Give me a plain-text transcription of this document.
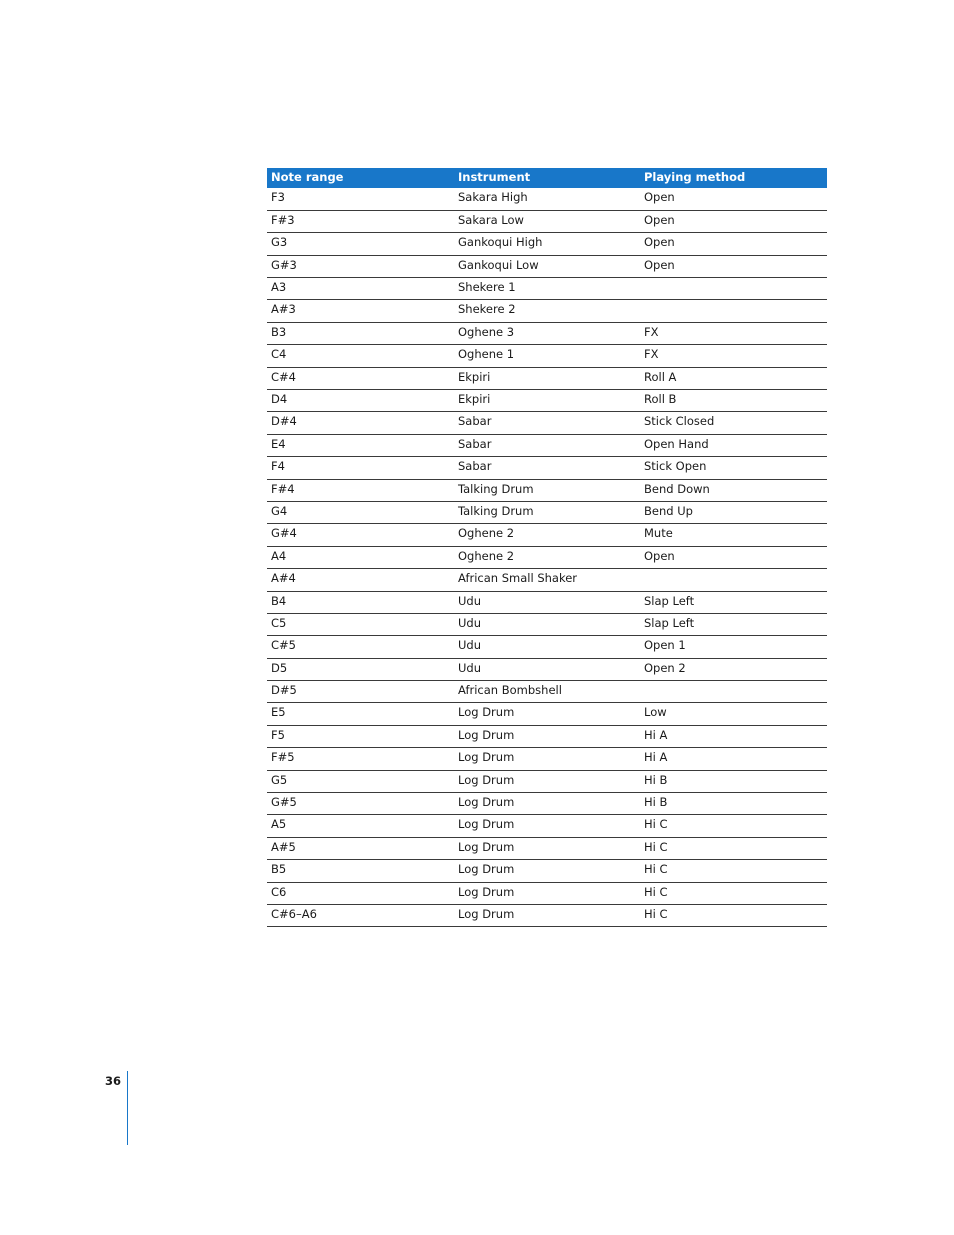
Note range	Instrument	Playing method
F3	Sakara High	Open
F#3	Sakara Low	Open
G3	Gankoqui High	Open
G#3	Gankoqui Low	Open
A3	Shekere 1	
A#3	Shekere 2	
B3	Oghene 3	FX
C4	Oghene 1	FX
C#4	Ekpiri	Roll A
D4	Ekpiri	Roll B
D#4	Sabar	Stick Closed
E4	Sabar	Open Hand
F4	Sabar	Stick Open
F#4	Talking Drum	Bend Down
G4	Talking Drum	Bend Up
G#4	Oghene 2	Mute
A4	Oghene 2	Open
A#4	African Small Shaker	
B4	Udu	Slap Left
C5	Udu	Slap Left
C#5	Udu	Open 1
D5	Udu	Open 2
D#5	African Bombshell	
E5	Log Drum	Low
F5	Log Drum	Hi A
F#5	Log Drum	Hi A
G5	Log Drum	Hi B
G#5	Log Drum	Hi B
A5	Log Drum	Hi C
A#5	Log Drum	Hi C
B5	Log Drum	Hi C
C6	Log Drum	Hi C
C#6–A6	Log Drum	Hi C
36
